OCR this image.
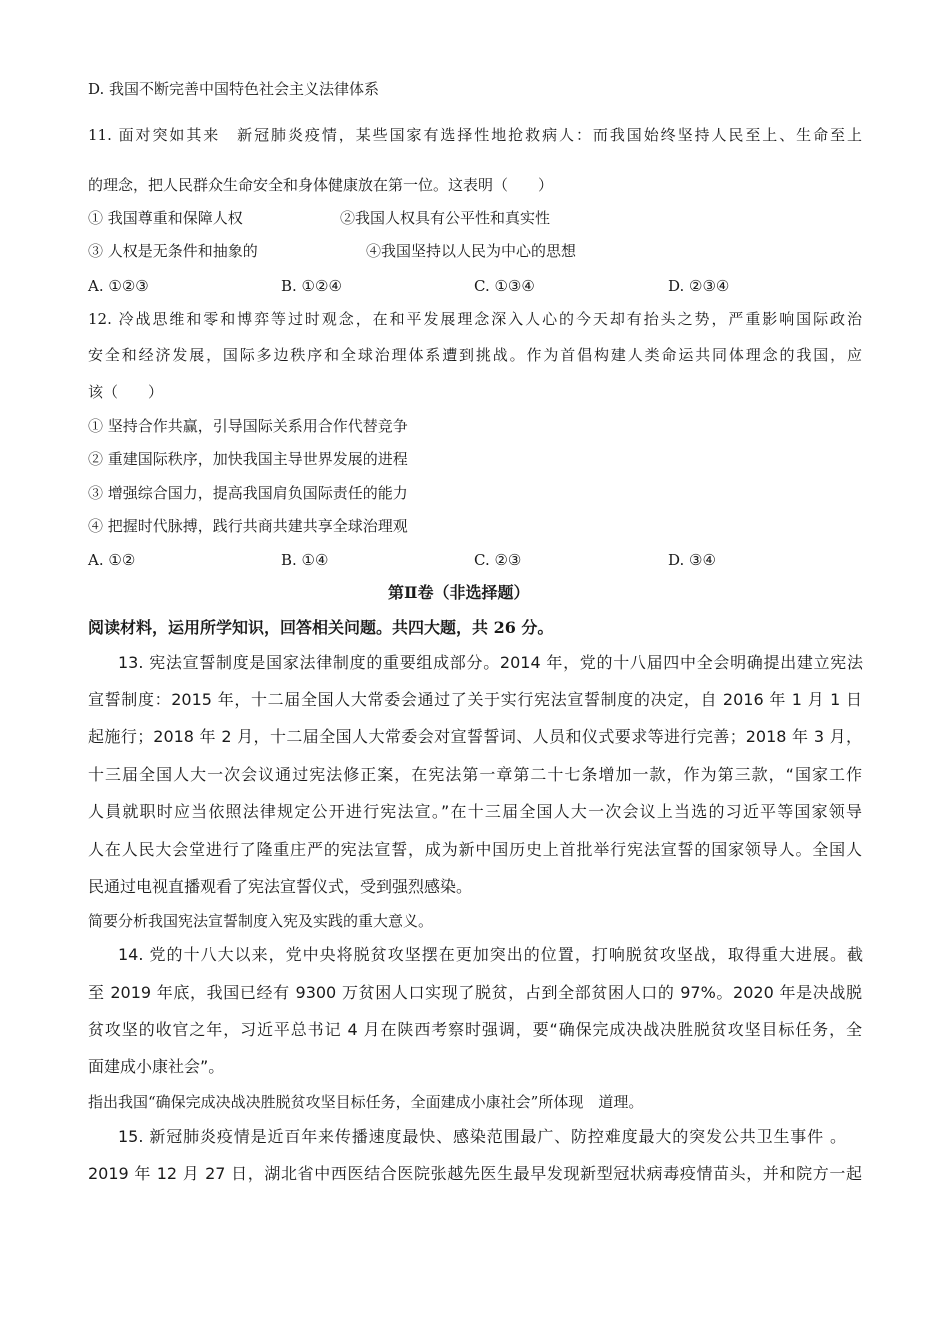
D. 我国不断完善中国特色社会主义法律体系
11. 面对突如其来　新冠肺炎疫情，某些国家有选择性地抢救病人：而我国始终坚持人民至上、生命至上
的理念，把人民群众生命安全和身体健康放在第一位。这表明（　　）
① 我国尊重和保障人权	②我国人权具有公平性和真实性
③ 人权是无条件和抽象的	④我国坚持以人民为中心的思想
A. ①②③	B. ①②④	C. ①③④	D. ②③④
12. 冷战思维和零和博弈等过时观念，在和平发展理念深入人心的今天却有抬头之势，严重影响国际政治
安全和经济发展，国际多边秩序和全球治理体系遭到挑战。作为首倡构建人类命运共同体理念的我国，应
该（　　）
① 坚持合作共赢，引导国际关系用合作代替竞争
② 重建国际秩序，加快我国主导世界发展的进程
③ 增强综合国力，提高我国肩负国际责任的能力
④ 把握时代脉搏，践行共商共建共享全球治理观
A. ①②	B. ①④	C. ②③	D. ③④
第Ⅱ卷（非选择题）
阅读材料，运用所学知识，回答相关问题。共四大题，共 26 分。
13. 宪法宣誓制度是国家法律制度的重要组成部分。2014 年，党的十八届四中全会明确提出建立宪法
宣誓制度：2015 年，十二届全国人大常委会通过了关于实行宪法宣誓制度的决定，自 2016 年 1 月 1 日
起施行；2018 年 2 月，十二届全国人大常委会对宣誓誓词、人员和仪式要求等进行完善；2018 年 3 月，
十三届全国人大一次会议通过宪法修正案，在宪法第一章第二十七条增加一款，作为第三款，“国家工作
人員就职时应当依照法律规定公开进行宪法宣。”在十三届全国人大一次会议上当选的习近平等国家领导
人在人民大会堂进行了隆重庄严的宪法宣誓，成为新中国历史上首批举行宪法宣誓的国家领导人。全国人
民通过电视直播观看了宪法宣誓仪式，受到强烈感染。
简要分析我国宪法宣誓制度入宪及实践的重大意义。
14. 党的十八大以来，党中央将脱贫攻坚摆在更加突出的位置，打响脱贫攻坚战，取得重大进展。截
至 2019 年底，我国已经有 9300 万贫困人口实现了脱贫，占到全部贫困人口的 97%。2020 年是决战脱
贫攻坚的收官之年，习近平总书记 4 月在陕西考察时强调，要“确保完成决战决胜脱贫攻坚目标任务，全
面建成小康社会”。
指出我国“确保完成决战决胜脱贫攻坚目标任务，全面建成小康社会”所体现　道理。
15. 新冠肺炎疫情是近百年来传播速度最快、感染范围最广、防控难度最大的突发公共卫生事件 。
2019 年 12 月 27 日，湖北省中西医结合医院张越先医生最早发现新型冠状病毒疫情苗头，并和院方一起
